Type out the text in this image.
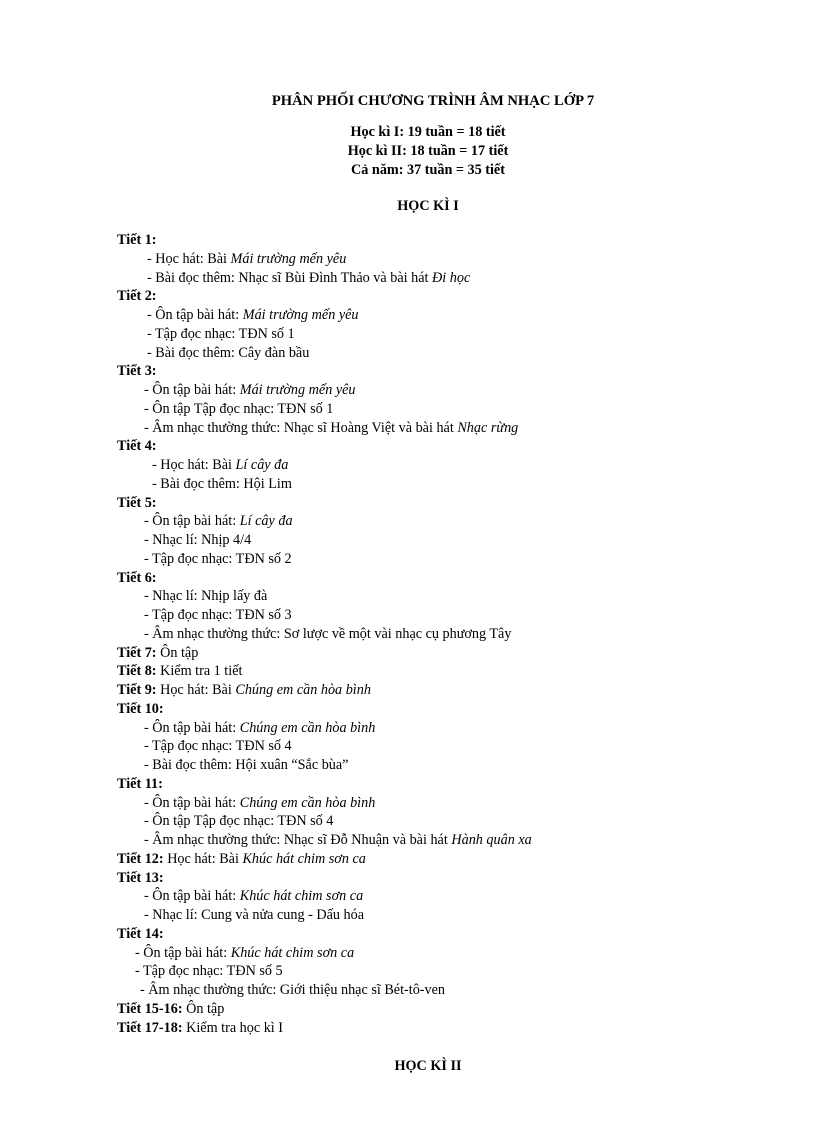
PHÂN PHỐI CHƯƠNG TRÌNH ÂM NHẠC LỚP 7
Học kì I: 19 tuần = 18 tiết
Học kì II: 18 tuần = 17 tiết
Cả năm: 37 tuần = 35 tiết
HỌC KÌ I
Tiết 1:
- Học hát: Bài Mái trường mến yêu
- Bài đọc thêm: Nhạc sĩ Bùi Đình Thảo và bài hát Đi học
Tiết 2:
- Ôn tập bài hát: Mái trường mến yêu
- Tập đọc nhạc: TĐN số 1
- Bài đọc thêm: Cây đàn bầu
Tiết 3:
- Ôn tập bài hát: Mái trường mến yêu
- Ôn tập Tập đọc nhạc: TĐN số 1
- Âm nhạc thường thức: Nhạc sĩ Hoàng Việt và bài hát Nhạc rừng
Tiết 4:
- Học hát: Bài Lí cây đa
- Bài đọc thêm: Hội Lim
Tiết 5:
- Ôn tập bài hát: Lí cây đa
- Nhạc lí: Nhịp 4/4
- Tập đọc nhạc: TĐN số 2
Tiết 6:
- Nhạc lí: Nhịp lấy đà
- Tập đọc nhạc: TĐN số 3
- Âm nhạc thường thức: Sơ lược về một vài nhạc cụ phương Tây
Tiết 7: Ôn tập
Tiết 8: Kiểm tra 1 tiết
Tiết 9: Học hát: Bài Chúng em cần hòa bình
Tiết 10:
- Ôn tập bài hát: Chúng em cần hòa bình
- Tập đọc nhạc: TĐN số 4
- Bài đọc thêm: Hội xuân “Sắc bùa”
Tiết 11:
- Ôn tập bài hát: Chúng em cần hòa bình
- Ôn tập Tập đọc nhạc: TĐN số 4
- Âm nhạc thường thức: Nhạc sĩ Đỗ Nhuận và bài hát Hành quân xa
Tiết 12: Học hát: Bài Khúc hát chim sơn ca
Tiết 13:
- Ôn tập bài hát: Khúc hát chim sơn ca
- Nhạc lí: Cung và nửa cung - Dấu hóa
Tiết 14:
- Ôn tập bài hát: Khúc hát chim sơn ca
- Tập đọc nhạc: TĐN số 5
- Âm nhạc thường thức: Giới thiệu nhạc sĩ Bét-tô-ven
Tiết 15-16: Ôn tập
Tiết 17-18: Kiểm tra học kì I
HỌC KÌ II
